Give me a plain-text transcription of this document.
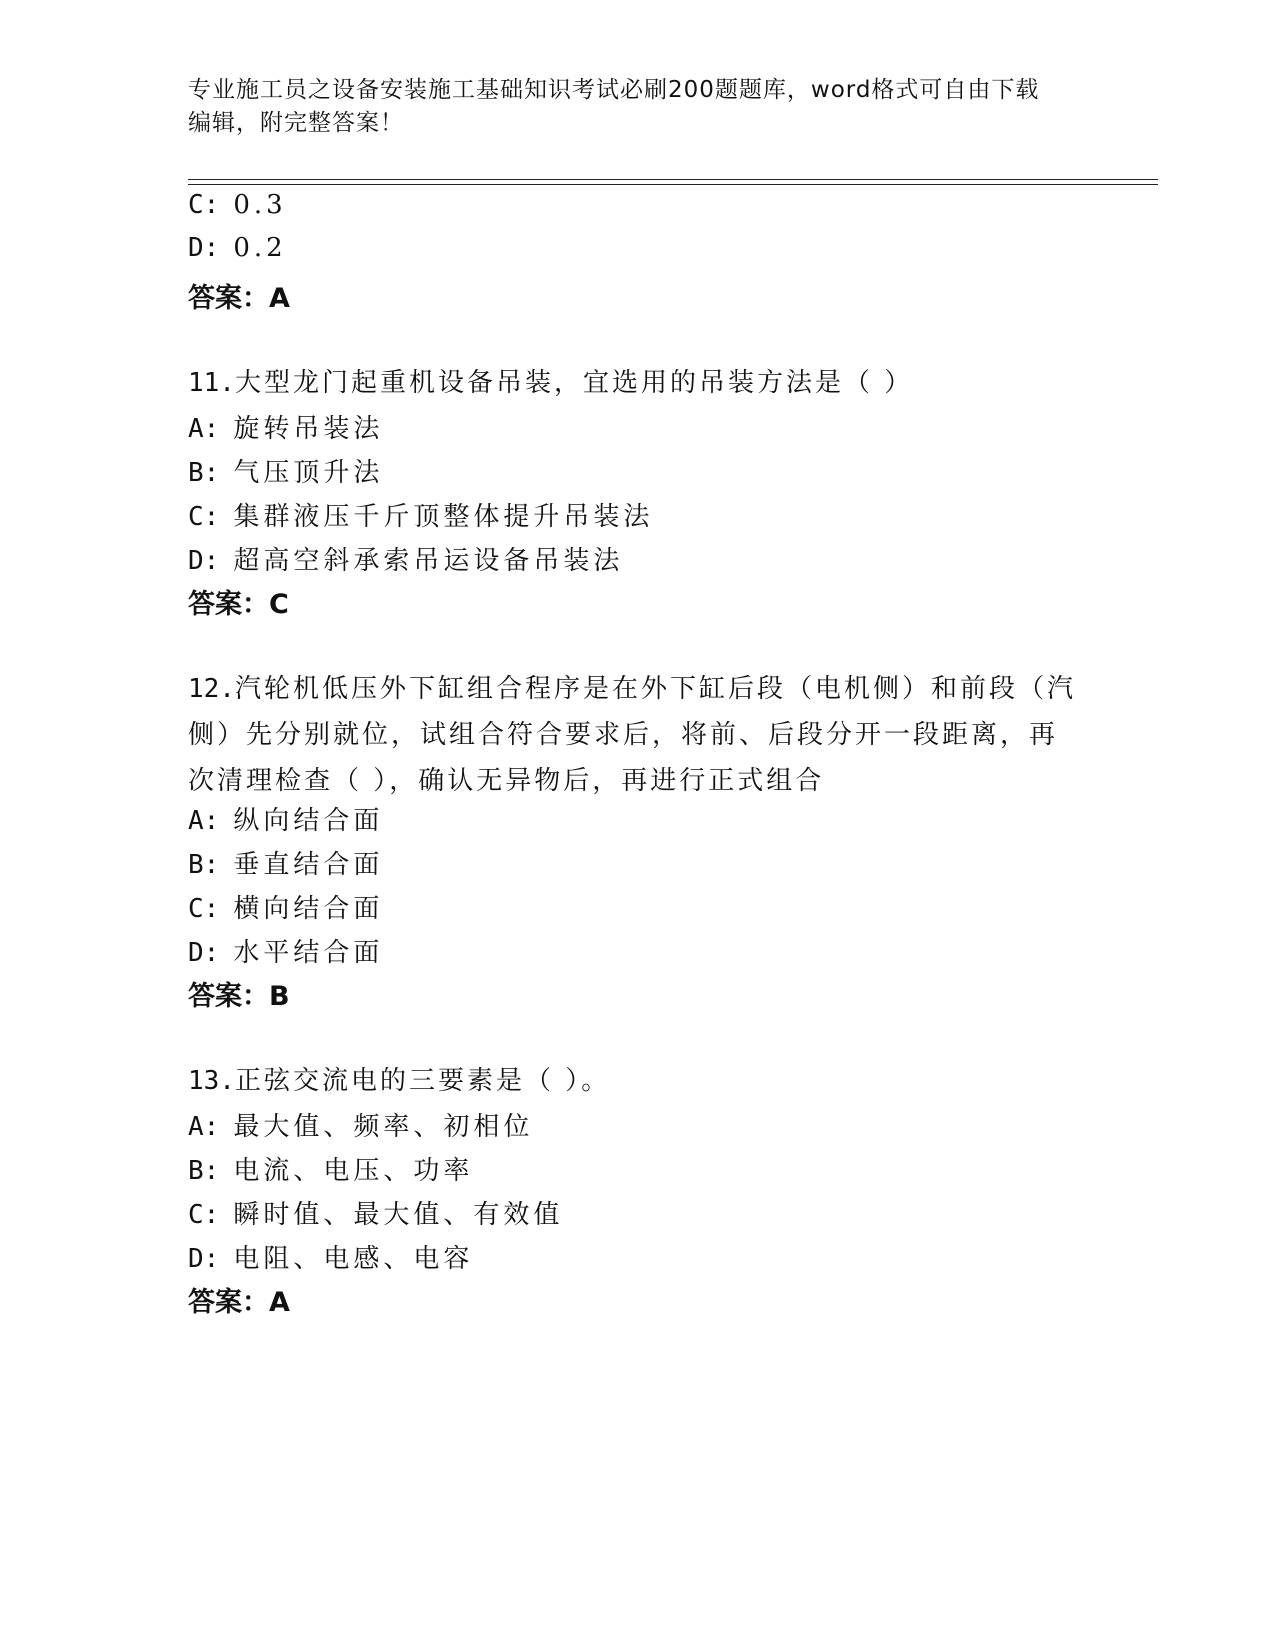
专业施工员之设备安装施工基础知识考试必刷200题题库，word格式可自由下载
编辑，附完整答案！
C: 0.3
D: 0.2
答案：A
11.大型龙门起重机设备吊装，宜选用的吊装方法是（ ）
A: 旋转吊装法
B: 气压顶升法
C: 集群液压千斤顶整体提升吊装法
D: 超高空斜承索吊运设备吊装法
答案：C
12.汽轮机低压外下缸组合程序是在外下缸后段（电机侧）和前段（汽
侧）先分别就位，试组合符合要求后，将前、后段分开一段距离，再
次清理检查（ ），确认无异物后，再进行正式组合
A: 纵向结合面
B: 垂直结合面
C: 横向结合面
D: 水平结合面
答案：B
13.正弦交流电的三要素是（ ）。
A: 最大值、频率、初相位
B: 电流、电压、功率
C: 瞬时值、最大值、有效值
D: 电阻、电感、电容
答案：A
